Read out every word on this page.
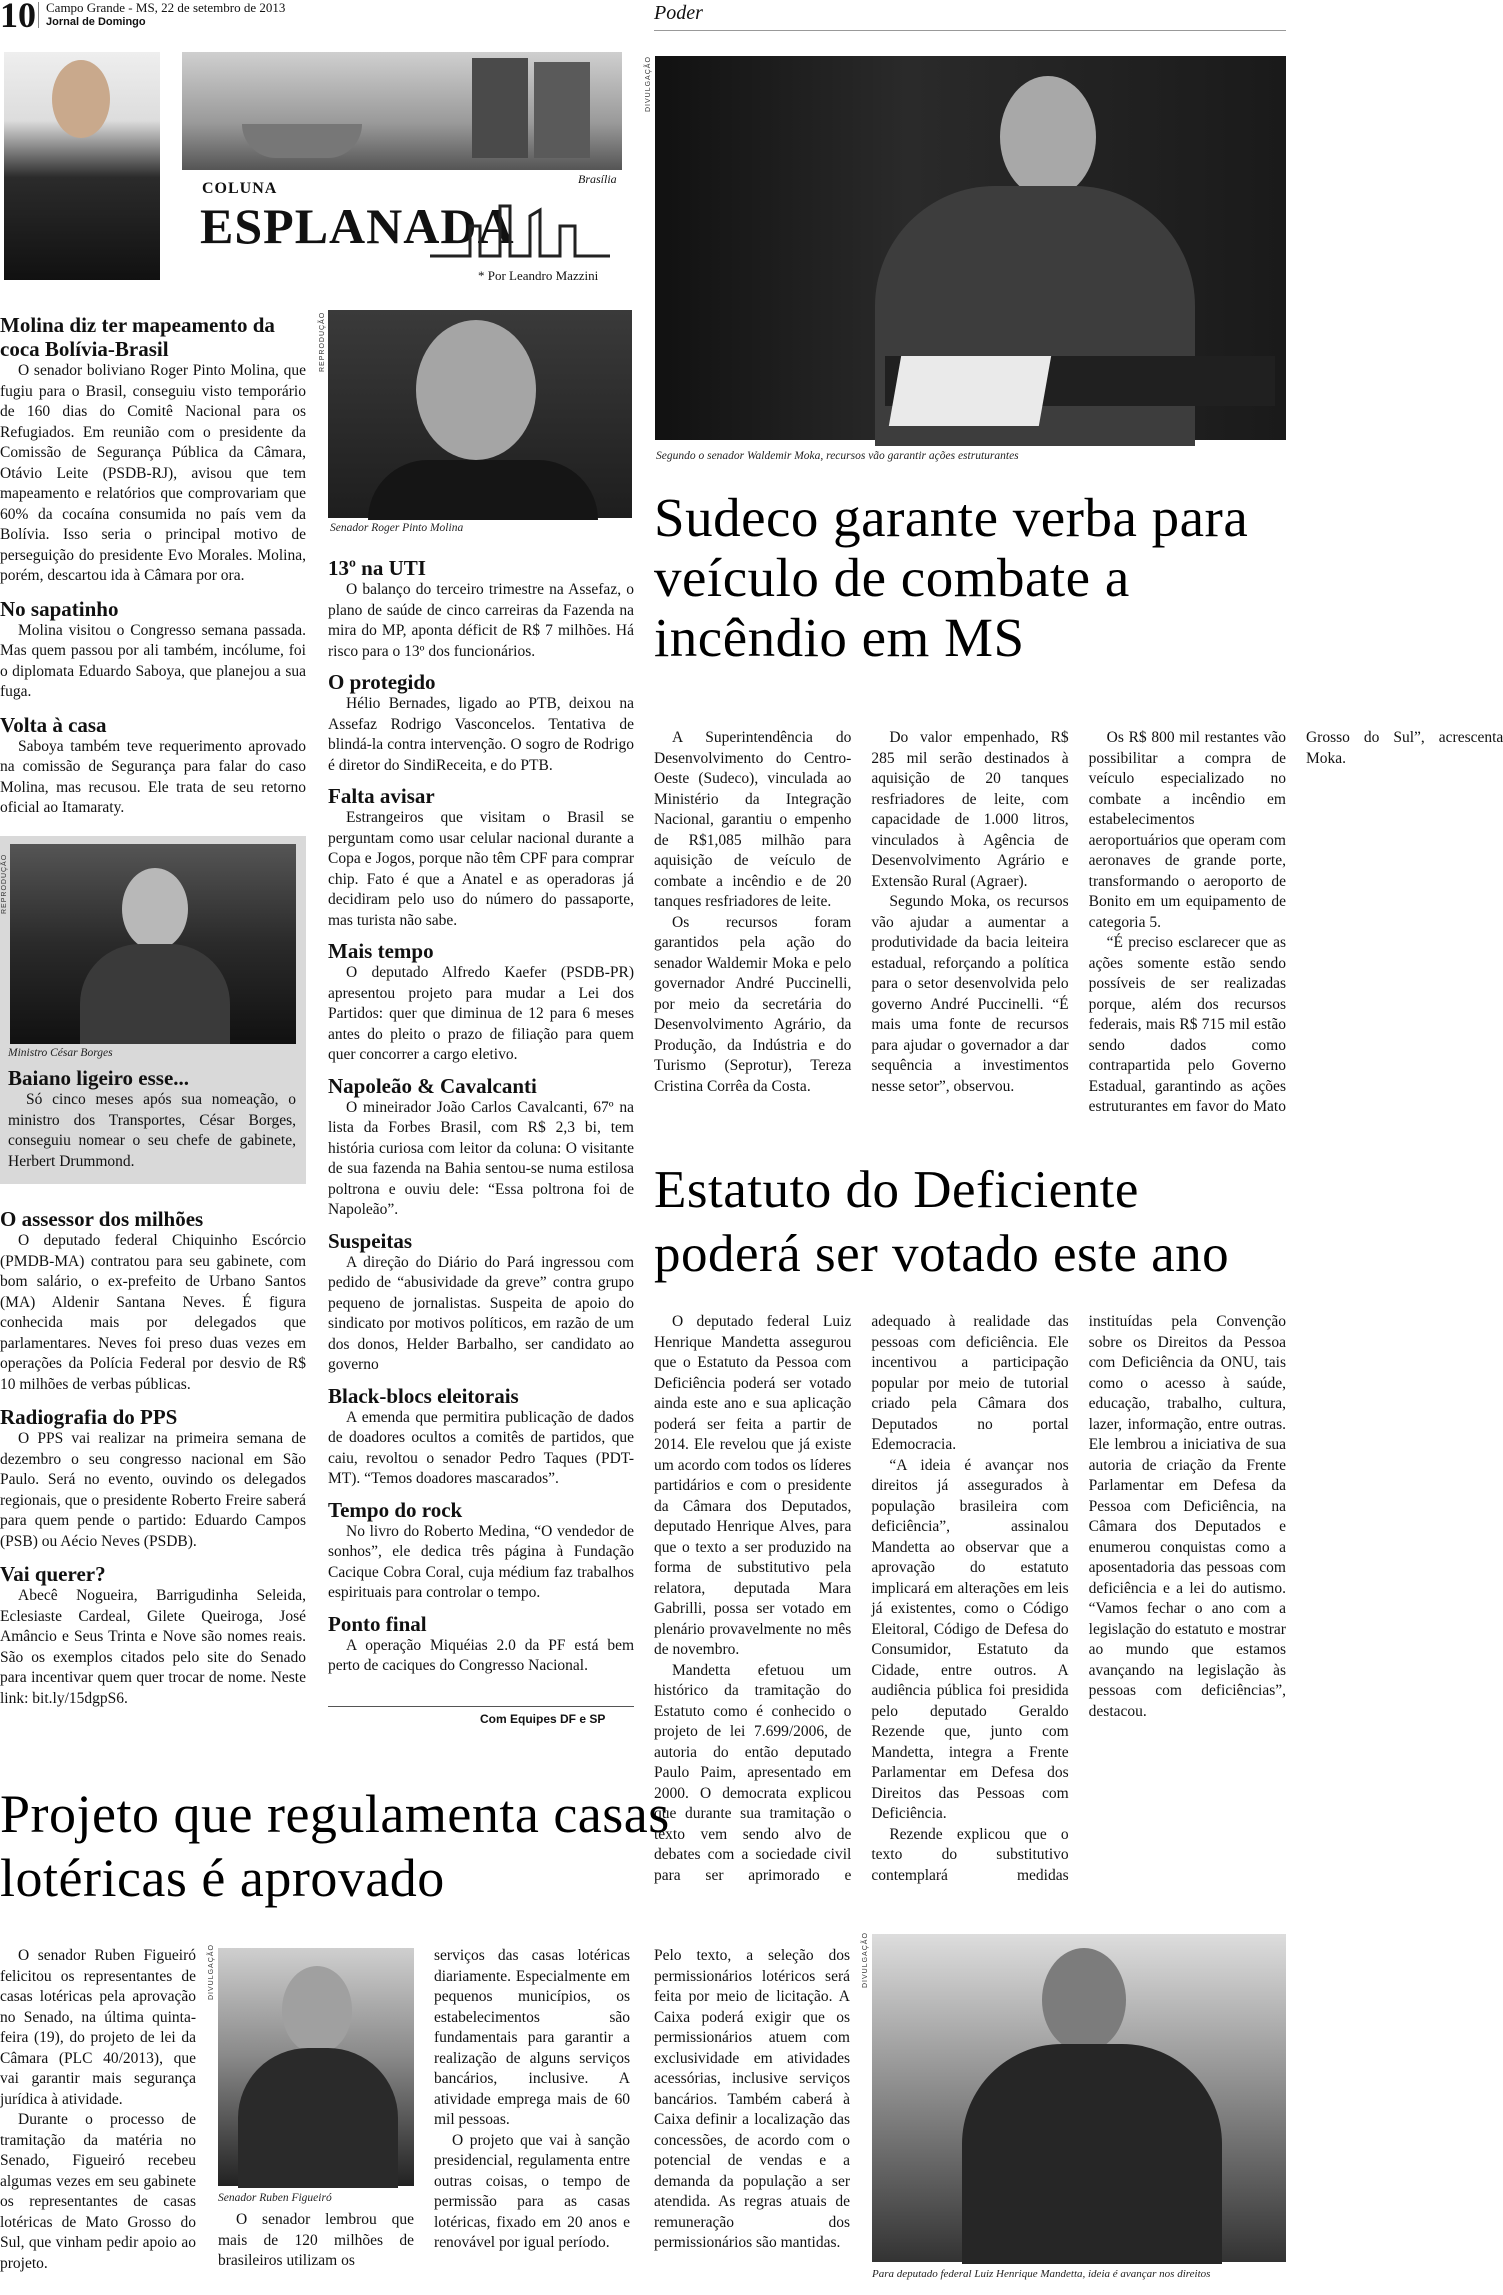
10 Campo Grande - MS, 22 de setembro de 2013
Jornal de Domingo	Poder
Brasília
COLUNA
ESPLANADA
* Por Leandro Mazzini
Molina diz ter mapeamento da coca Bolívia-Brasil

O senador boliviano Roger Pinto Molina, que fugiu para o Brasil, conseguiu visto temporário de 160 dias do Comitê Nacional para os Refugiados. Em reunião com o presidente da Comissão de Segurança Pública da Câmara, Otávio Leite (PSDB-RJ), avisou que tem mapeamento e relatórios que comprovariam que 60% da cocaína consumida no país vem da Bolívia. Isso seria o principal motivo de perseguição do presidente Evo Morales. Molina, porém, descartou ida à Câmara por ora.

No sapatinho

Molina visitou o Congresso semana passada. Mas quem passou por ali também, incólume, foi o diplomata Eduardo Saboya, que planejou a sua fuga.

Volta à casa

Saboya também teve requerimento aprovado na comissão de Segurança para falar do caso Molina, mas recusou. Ele trata de seu retorno oficial ao Itamaraty.

REPRODUÇÃO
Ministro César Borges
Baiano ligeiro esse...

Só cinco meses após sua nomeação, o ministro dos Transportes, César Borges, conseguiu nomear o seu chefe de gabinete, Herbert Drummond.

O assessor dos milhões

O deputado federal Chiquinho Escórcio (PMDB-MA) contratou para seu gabinete, com bom salário, o ex-prefeito de Urbano Santos (MA) Aldenir Santana Neves. É figura conhecida mais por delegados que parlamentares. Neves foi preso duas vezes em operações da Polícia Federal por desvio de R$ 10 milhões de verbas públicas.

Radiografia do PPS

O PPS vai realizar na primeira semana de dezembro o seu congresso nacional em São Paulo. Será no evento, ouvindo os delegados regionais, que o presidente Roberto Freire saberá para quem pende o partido: Eduardo Campos (PSB) ou Aécio Neves (PSDB).

Vai querer?

Abecê Nogueira, Barrigudinha Seleida, Eclesiaste Cardeal, Gilete Queiroga, José Amâncio e Seus Trinta e Nove são nomes reais. São os exemplos citados pelo site do Senado para incentivar quem quer trocar de nome. Neste link: bit.ly/15dgpS6.

REPRODUÇÃO
Senador Roger Pinto Molina
13º na UTI

O balanço do terceiro trimestre na Assefaz, o plano de saúde de cinco carreiras da Fazenda na mira do MP, aponta déficit de R$ 7 milhões. Há risco para o 13º dos funcionários.

O protegido

Hélio Bernades, ligado ao PTB, deixou na Assefaz Rodrigo Vasconcelos. Tentativa de blindá-la contra intervenção. O sogro de Rodrigo é diretor do SindiReceita, e do PTB.

Falta avisar

Estrangeiros que visitam o Brasil se perguntam como usar celular nacional durante a Copa e Jogos, porque não têm CPF para comprar chip. Fato é que a Anatel e as operadoras já decidiram pelo uso do número do passaporte, mas turista não sabe.

Mais tempo

O deputado Alfredo Kaefer (PSDB-PR) apresentou projeto para mudar a Lei dos Partidos: quer que diminua de 12 para 6 meses antes do pleito o prazo de filiação para quem quer concorrer a cargo eletivo.

Napoleão & Cavalcanti

O mineirador João Carlos Cavalcanti, 67º na lista da Forbes Brasil, com R$ 2,3 bi, tem história curiosa com leitor da coluna: O visitante de sua fazenda na Bahia sentou-se numa estilosa poltrona e ouviu dele: “Essa poltrona foi de Napoleão”.

Suspeitas

A direção do Diário do Pará ingressou com pedido de “abusividade da greve” contra grupo pequeno de jornalistas. Suspeita de apoio do sindicato por motivos políticos, em razão de um dos donos, Helder Barbalho, ser candidato ao governo

Black-blocs eleitorais

A emenda que permitira publicação de dados de doadores ocultos a comitês de partidos, que caiu, revoltou o senador Pedro Taques (PDT-MT). “Temos doadores mascarados”.

Tempo do rock

No livro do Roberto Medina, “O vendedor de sonhos”, ele dedica três página à Fundação Cacique Cobra Coral, cuja médium faz trabalhos espirituais para controlar o tempo.

Ponto final

A operação Miquéias 2.0 da PF está bem perto de caciques do Congresso Nacional.

Com Equipes DF e SP
DIVULGAÇÃO
Segundo o senador Waldemir Moka, recursos vão garantir ações estruturantes
Sudeco garante verba para veículo de combate a incêndio em MS

A Superintendência do Desenvolvimento do Centro-Oeste (Sudeco), vinculada ao Ministério da Integração Nacional, garantiu o empenho de R$1,085 milhão para aquisição de veículo de combate a incêndio e de 20 tanques resfriadores de leite.

Os recursos foram garantidos pela ação do senador Waldemir Moka e pelo governador André Puccinelli, por meio da secretária do Desenvolvimento Agrário, da Produção, da Indústria e do Turismo (Seprotur), Tereza Cristina Corrêa da Costa.

Do valor empenhado, R$ 285 mil serão destinados à aquisição de 20 tanques resfriadores de leite, com capacidade de 1.000 litros, vinculados à Agência de Desenvolvimento Agrário e Extensão Rural (Agraer).

Segundo Moka, os recursos vão ajudar a aumentar a produtividade da bacia leiteira estadual, reforçando a política para o setor desenvolvida pelo governo André Puccinelli. “É mais uma fonte de recursos para ajudar o governador a dar sequência a investimentos nesse setor”, observou.

Os R$ 800 mil restantes vão possibilitar a compra de veículo especializado no combate a incêndio em estabelecimentos aeroportuários que operam com aeronaves de grande porte, transformando o aeroporto de Bonito em um equipamento de categoria 5.

“É preciso esclarecer que as ações somente estão sendo possíveis de ser realizadas porque, além dos recursos federais, mais R$ 715 mil estão sendo dados como contrapartida pelo Governo Estadual, garantindo as ações estruturantes em favor do Mato Grosso do Sul”, acrescenta Moka.

Estatuto do Deficiente poderá ser votado este ano

O deputado federal Luiz Henrique Mandetta assegurou que o Estatuto da Pessoa com Deficiência poderá ser votado ainda este ano e sua aplicação poderá ser feita a partir de 2014. Ele revelou que já existe um acordo com todos os líderes partidários e com o presidente da Câmara dos Deputados, deputado Henrique Alves, para que o texto a ser produzido na forma de substitutivo pela relatora, deputada Mara Gabrilli, possa ser votado em plenário provavelmente no mês de novembro.

Mandetta efetuou um histórico da tramitação do Estatuto como é conhecido o projeto de lei 7.699/2006, de autoria do então deputado Paulo Paim, apresentado em 2000. O democrata explicou que durante sua tramitação o texto vem sendo alvo de debates com a sociedade civil para ser aprimorado e adequado à realidade das pessoas com deficiência. Ele incentivou a participação popular por meio de tutorial criado pela Câmara dos Deputados no portal Edemocracia.

“A ideia é avançar nos direitos já assegurados à população brasileira com deficiência”, assinalou Mandetta ao observar que a aprovação do estatuto implicará em alterações em leis já existentes, como o Código Eleitoral, Código de Defesa do Consumidor, Estatuto da Cidade, entre outros. A audiência pública foi presidida pelo deputado Geraldo Rezende que, junto com Mandetta, integra a Frente Parlamentar em Defesa dos Direitos das Pessoas com Deficiência.

Rezende explicou que o texto do substitutivo contemplará medidas instituídas pela Convenção sobre os Direitos da Pessoa com Deficiência da ONU, tais como o acesso à saúde, educação, trabalho, cultura, lazer, informação, entre outras. Ele lembrou a iniciativa de sua autoria de criação da Frente Parlamentar em Defesa da Pessoa com Deficiência, na Câmara dos Deputados e enumerou conquistas como a aposentadoria das pessoas com deficiência e a lei do autismo. “Vamos fechar o ano com a legislação do estatuto e mostrar ao mundo que estamos avançando na legislação às pessoas com deficiências”, destacou.

DIVULGAÇÃO
Para deputado federal Luiz Henrique Mandetta, ideia é avançar nos direitos
Projeto que regulamenta casas lotéricas é aprovado

O senador Ruben Figueiró felicitou os representantes de casas lotéricas pela aprovação no Senado, na última quinta-feira (19), do projeto de lei da Câmara (PLC 40/2013), que vai garantir mais segurança jurídica à atividade.

Durante o processo de tramitação da matéria no Senado, Figueiró recebeu algumas vezes em seu gabinete os representantes de casas lotéricas de Mato Grosso do Sul, que vinham pedir apoio ao projeto.

DIVULGAÇÃO
Senador Ruben Figueiró

O senador lembrou que mais de 120 milhões de brasileiros utilizam os

serviços das casas lotéricas diariamente. Especialmente em pequenos municípios, os estabelecimentos são fundamentais para garantir a realização de alguns serviços bancários, inclusive. A atividade emprega mais de 60 mil pessoas.

O projeto que vai à sanção presidencial, regulamenta entre outras coisas, o tempo de permissão para as casas lotéricas, fixado em 20 anos e renovável por igual período.

Pelo texto, a seleção dos permissionários lotéricos será feita por meio de licitação. A Caixa poderá exigir que os permissionários atuem com exclusividade em atividades acessórias, inclusive serviços bancários. Também caberá à Caixa definir a localização das concessões, de acordo com o potencial de vendas e a demanda da população a ser atendida. As regras atuais de remuneração dos permissionários são mantidas.
